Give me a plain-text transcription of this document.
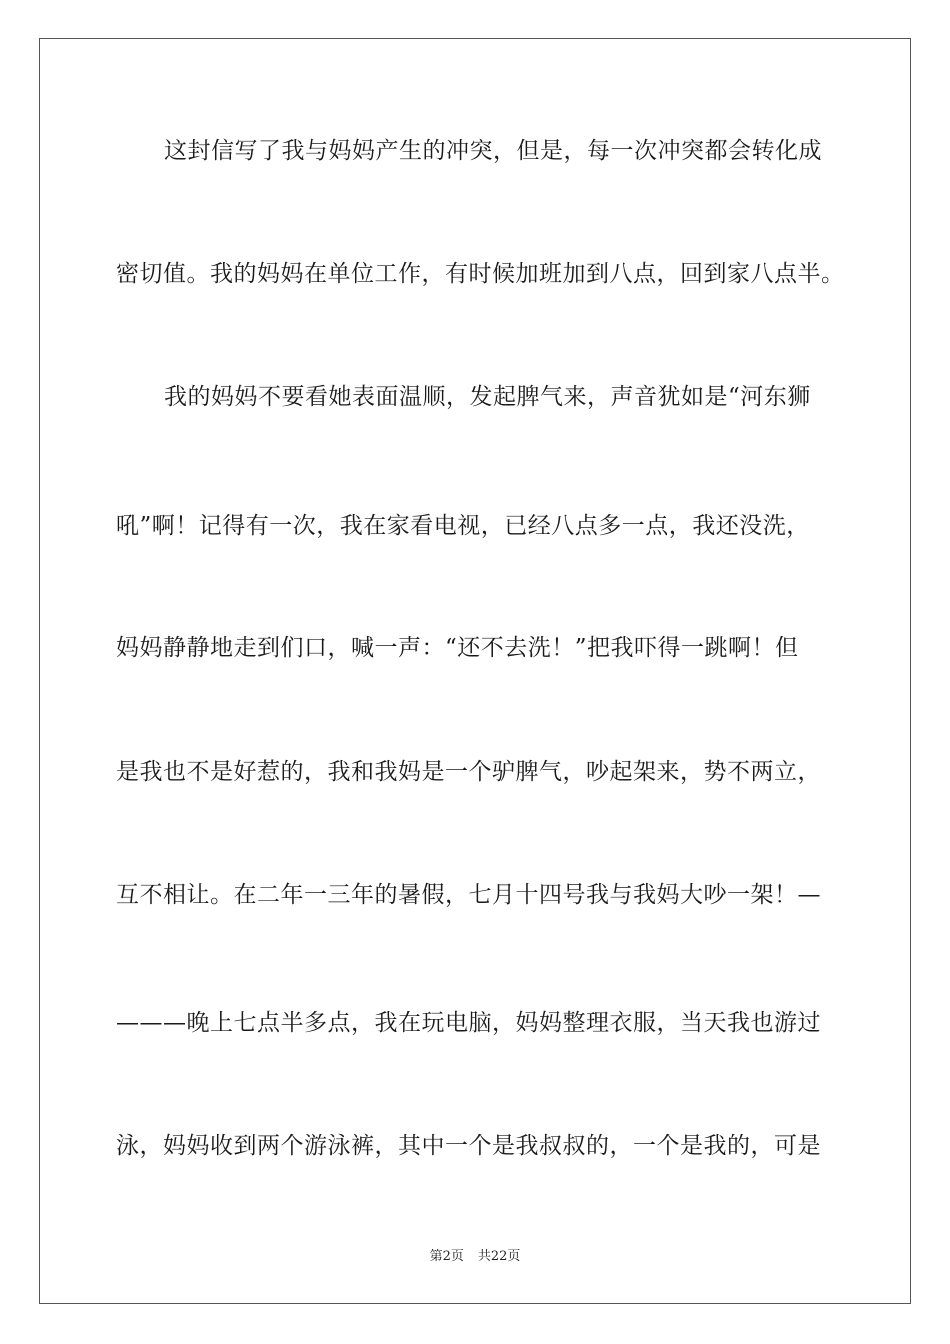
这封信写了我与妈妈产生的冲突，但是，每一次冲突都会转化成
密切值。我的妈妈在单位工作，有时候加班加到八点，回到家八点半。
我的妈妈不要看她表面温顺，发起脾气来，声音犹如是“河东狮
吼”啊！记得有一次，我在家看电视，已经八点多一点，我还没洗，
妈妈静静地走到们口，喊一声：“还不去洗！”把我吓得一跳啊！但
是我也不是好惹的，我和我妈是一个驴脾气，吵起架来，势不两立，
互不相让。在二年一三年的暑假，七月十四号我与我妈大吵一架！—
———晚上七点半多点，我在玩电脑，妈妈整理衣服，当天我也游过
泳，妈妈收到两个游泳裤，其中一个是我叔叔的，一个是我的，可是
第2页 共22页
